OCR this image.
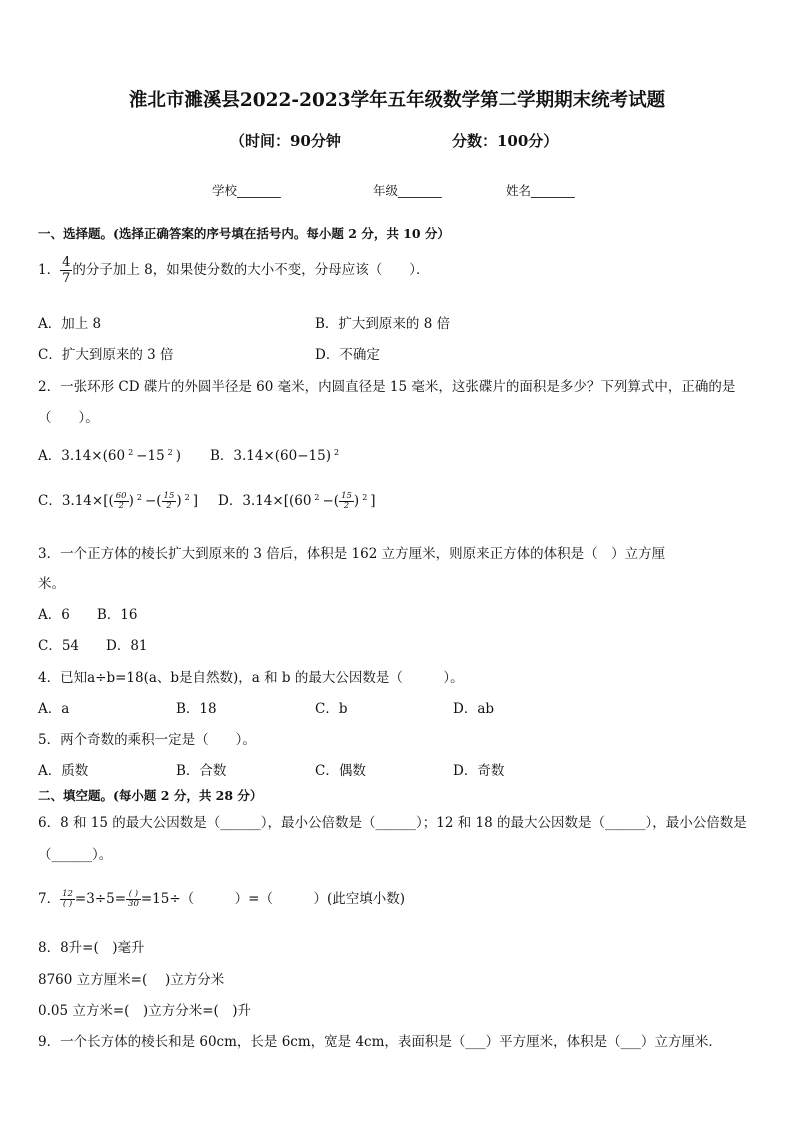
淮北市濉溪县2022-2023学年五年级数学第二学期期末统考试题
（时间：90分钟	分数：100分）
学校_______	年级_______	姓名_______
一、选择题。(选择正确答案的序号填在括号内。每小题 2 分，共 10 分）
1． $\frac{4}{7}$ 的分子加上 8，如果使分数的大小不变，分母应该（　　）．
A．加上 8	B．扩大到原来的 8 倍
C．扩大到原来的 3 倍	D．不确定
2．一张环形 CD 碟片的外圆半径是 60 毫米，内圆直径是 15 毫米，这张碟片的面积是多少？下列算式中，正确的是
（　　）。
A．3.14×(60 $^2$ −15 $^2$ ) B．3.14×(60−15) $^2$
C．$3.14\times[( \frac{60}{2}$ ) $^2$ −( $\frac{15}{2}$ ) $^2$ ] D．3.14×[(60 $^2$ −( $\frac{15}{2}$ ) $^2$ ]
3．一个正方体的棱长扩大到原来的 3 倍后，体积是 162 立方厘米，则原来正方体的体积是（　）立方厘
米。
A．6　　B．16
C．54　　D．81
4．已知a÷b=18(a、b是自然数)，a 和 b 的最大公因数是（　　　）。
A．a	B．18	C．b	D．ab
5．两个奇数的乘积一定是（　　）。
A．质数	B．合数	C．偶数	D．奇数
二、填空题。(每小题 2 分，共 28 分）
6．8 和 15 的最大公因数是（______），最小公倍数是（______）；12 和 18 的最大公因数是（______），最小公倍数是
（______）。
7． $\frac{12}{( )} =3\div 5= \frac{( )}{30} =15\div$（　　　）=（　　　）(此空填小数)
8．8升=(　)毫升
8760 立方厘米=(　 )立方分米
0.05 立方米=(　)立方分米=(　)升
9．一个长方体的棱长和是 60cm，长是 6cm，宽是 4cm，表面积是（___）平方厘米，体积是（___）立方厘米．
